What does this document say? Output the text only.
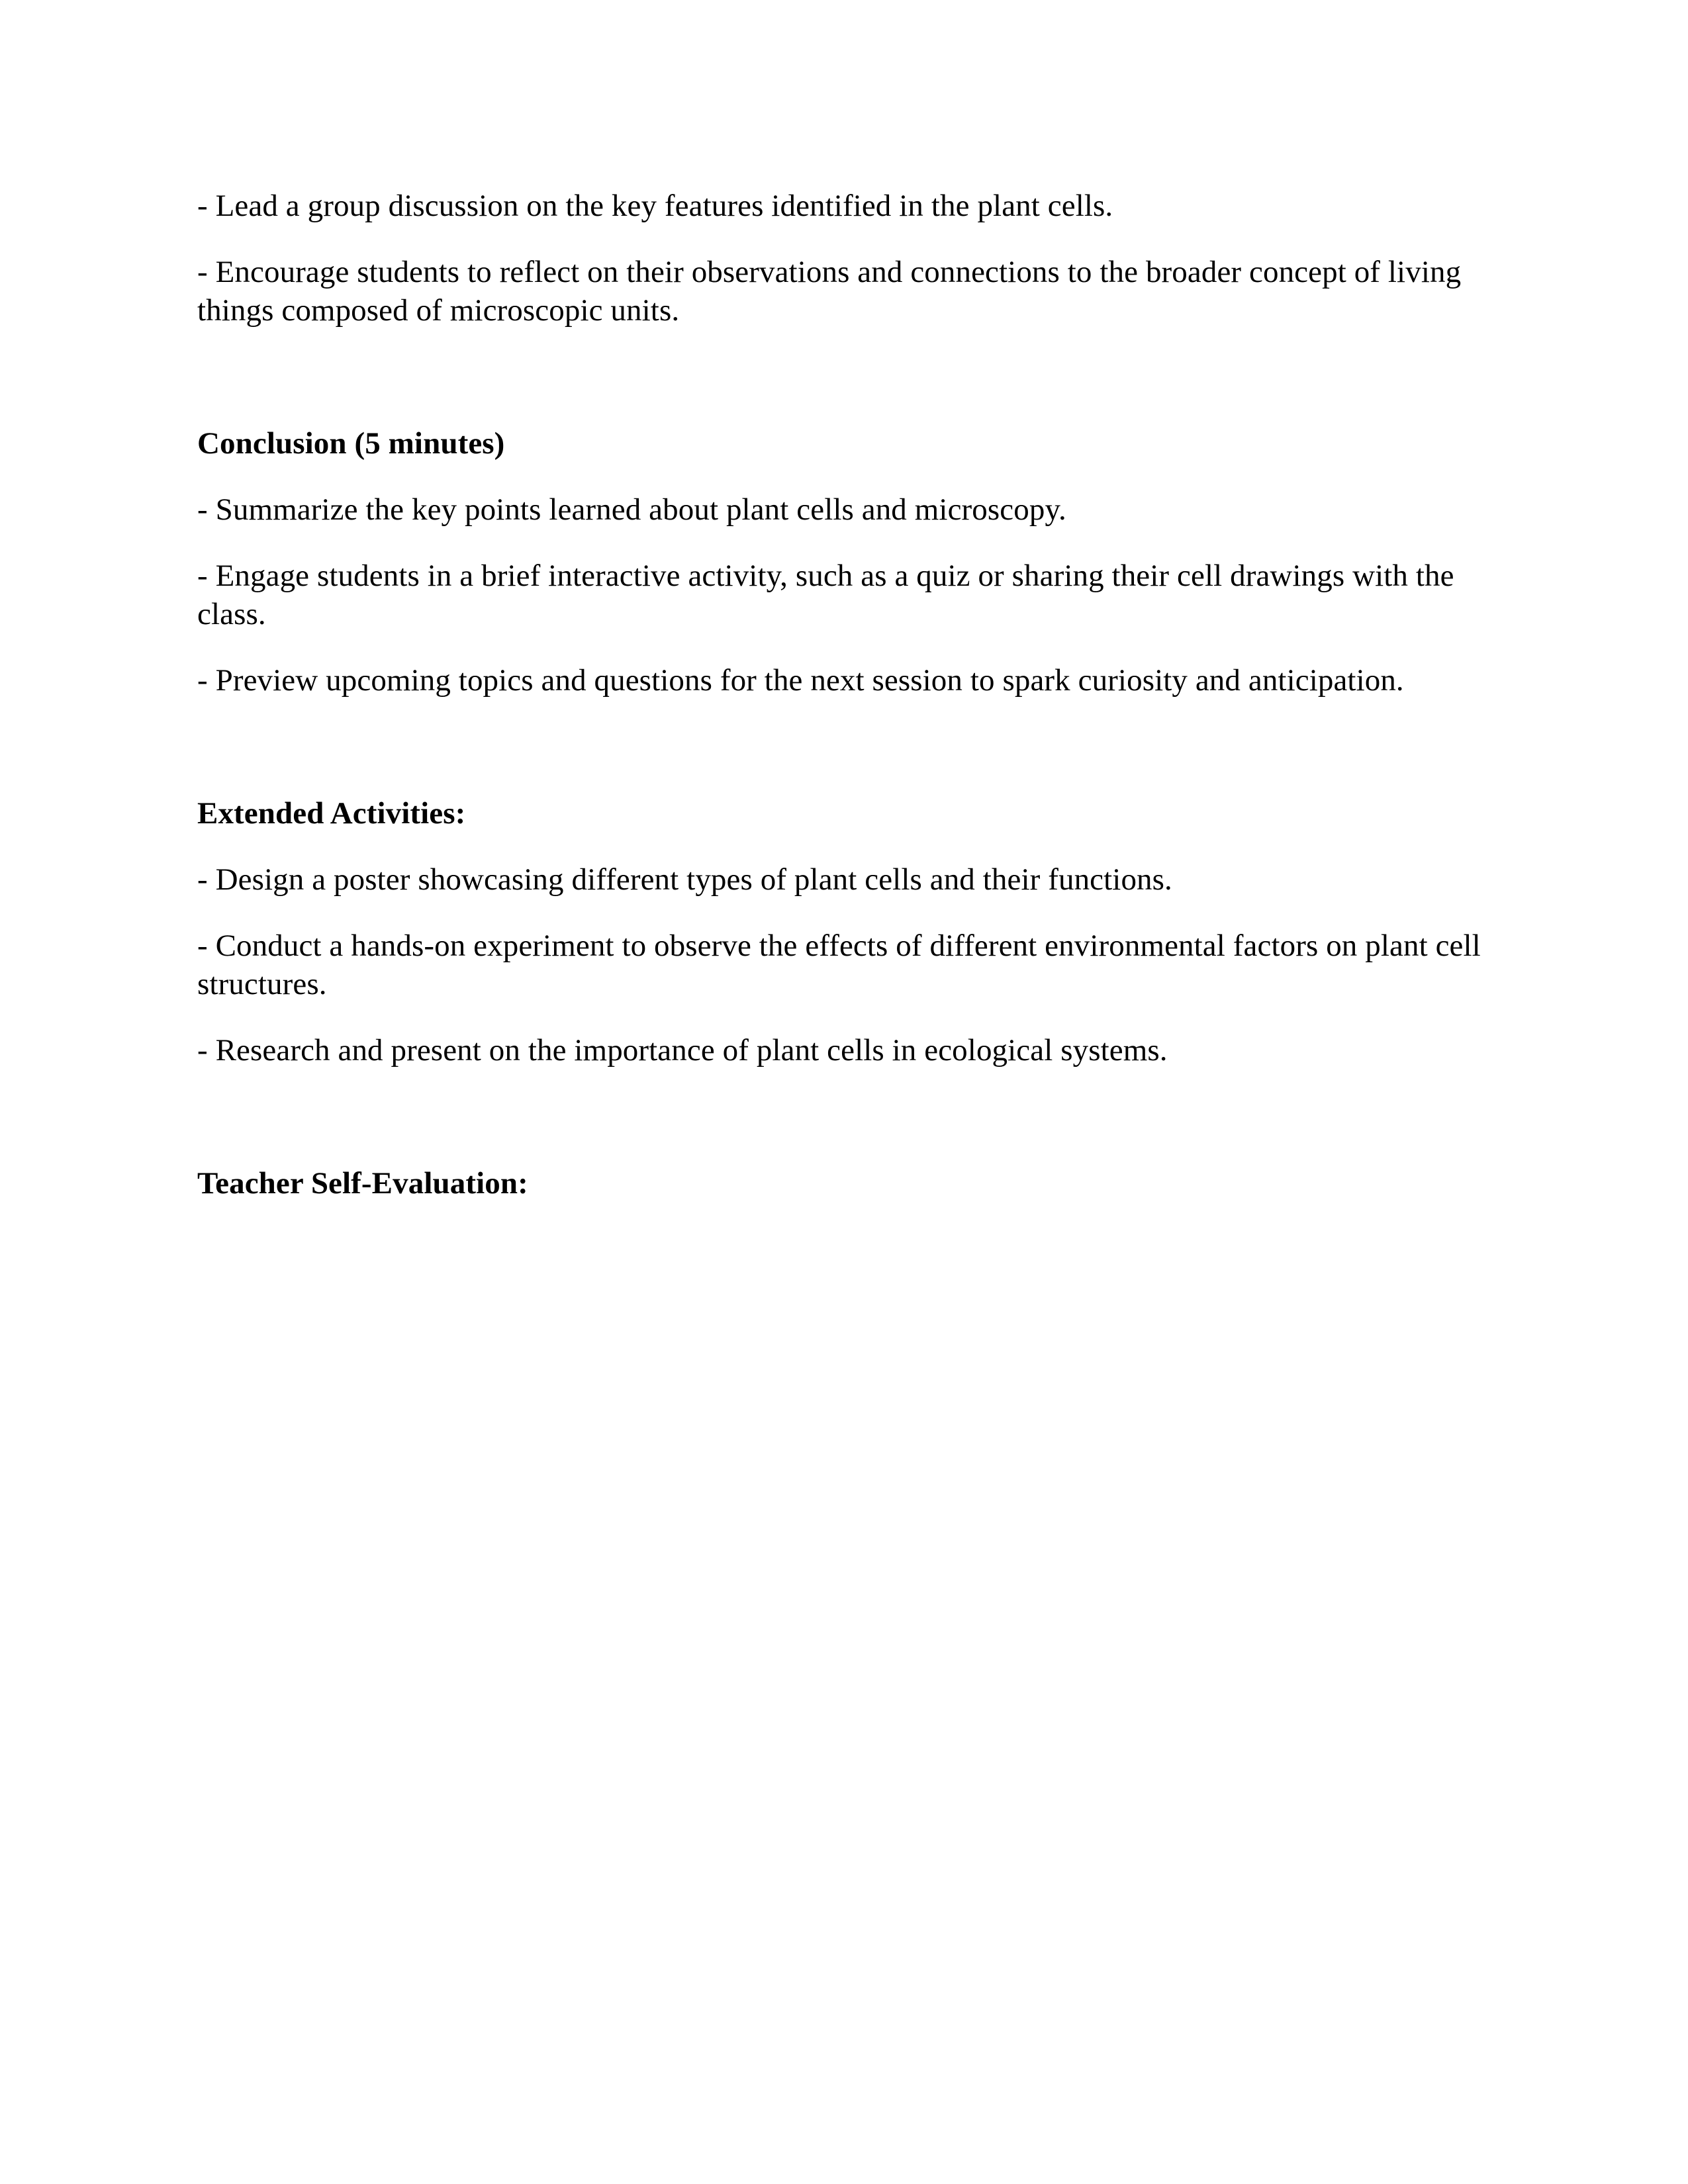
- Lead a group discussion on the key features identified in the plant cells.

- Encourage students to reflect on their observations and connections to the broader concept of living things composed of microscopic units.

Conclusion (5 minutes)

- Summarize the key points learned about plant cells and microscopy.

- Engage students in a brief interactive activity, such as a quiz or sharing their cell drawings with the class.

- Preview upcoming topics and questions for the next session to spark curiosity and anticipation.

Extended Activities:

- Design a poster showcasing different types of plant cells and their functions.

- Conduct a hands-on experiment to observe the effects of different environmental factors on plant cell structures.

- Research and present on the importance of plant cells in ecological systems.

Teacher Self-Evaluation:
